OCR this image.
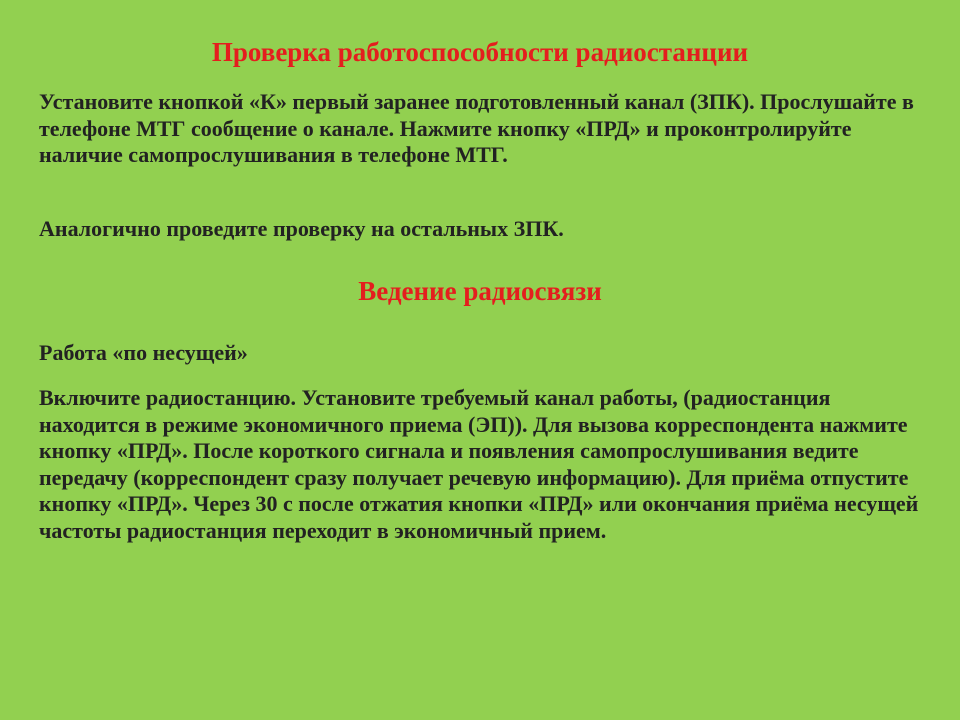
Проверка работоспособности радиостанции

Установите кнопкой «К» первый заранее подготовленный канал (ЗПК). Прослушайте в телефоне МТГ сообщение о канале. Нажмите кнопку «ПРД» и проконтролируйте наличие самопрослушивания в телефоне МТГ.

Аналогично проведите проверку на остальных ЗПК.

Ведение радиосвязи

Работа «по несущей»

Включите радиостанцию. Установите требуемый канал работы, (радиостанция находится в режиме экономичного приема (ЭП)). Для вызова корреспондента нажмите кнопку «ПРД». После короткого сигнала и появления самопрослушивания ведите передачу (корреспондент сразу получает речевую информацию). Для приёма отпустите кнопку «ПРД». Через 30 с после отжатия кнопки «ПРД» или окончания приёма несущей частоты радиостанция переходит в экономичный прием.
